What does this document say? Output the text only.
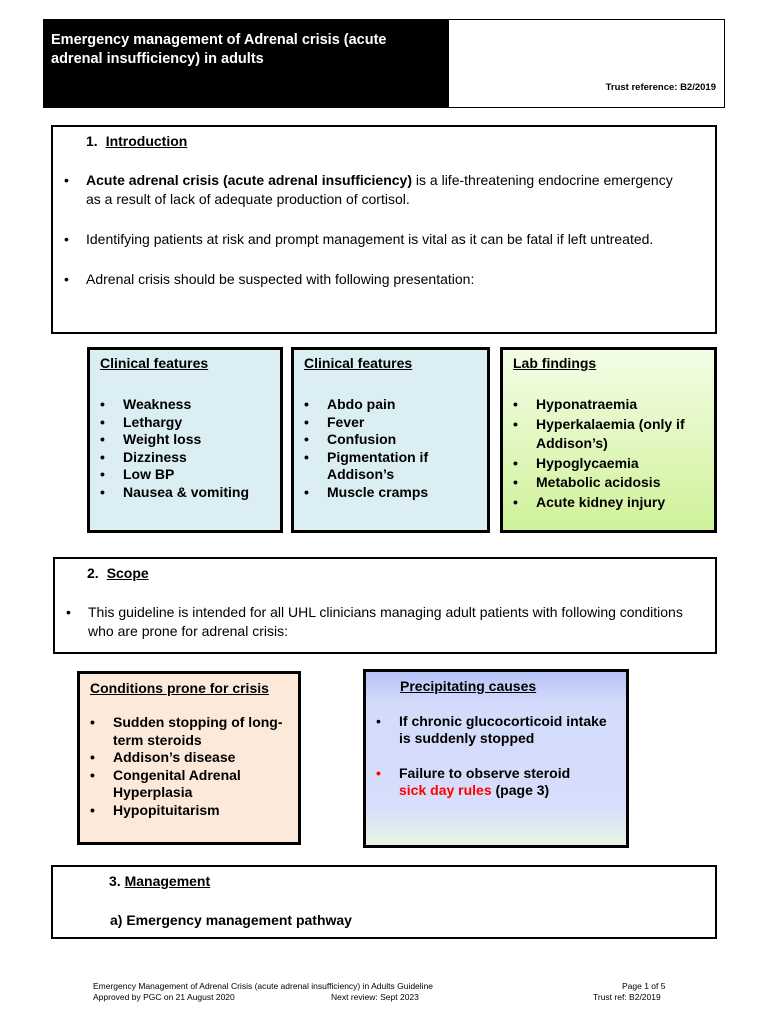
Emergency management of Adrenal crisis (acute adrenal insufficiency) in adults
Trust reference: B2/2019
1. Introduction
• Acute adrenal crisis (acute adrenal insufficiency) is a life-threatening endocrine emergency as a result of lack of adequate production of cortisol.
• Identifying patients at risk and prompt management is vital as it can be fatal if left untreated.
• Adrenal crisis should be suspected with following presentation:
Clinical features
• Weakness
• Lethargy
• Weight loss
• Dizziness
• Low BP
• Nausea & vomiting
Clinical features
• Abdo pain
• Fever
• Confusion
• Pigmentation if Addison’s
• Muscle cramps
Lab findings
• Hyponatraemia
• Hyperkalaemia (only if Addison’s)
• Hypoglycaemia
• Metabolic acidosis
• Acute kidney injury
2. Scope
• This guideline is intended for all UHL clinicians managing adult patients with following conditions who are prone for adrenal crisis:
Conditions prone for crisis
• Sudden stopping of long-term steroids
• Addison’s disease
• Congenital Adrenal Hyperplasia
• Hypopituitarism
Precipitating causes
• If chronic glucocorticoid intake is suddenly stopped
• Failure to observe steroid
sick day rules (page 3)
3. Management
a) Emergency management pathway
Emergency Management of Adrenal Crisis (acute adrenal insufficiency) in Adults Guideline	Page 1 of 5
Approved by PGC on 21 August 2020	Next review: Sept 2023	Trust ref: B2/2019
